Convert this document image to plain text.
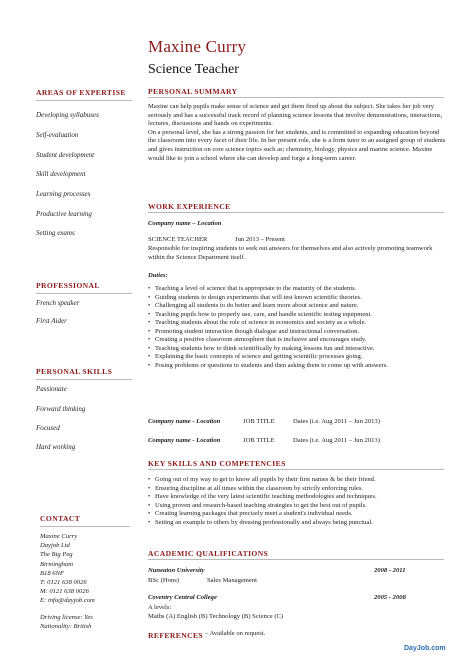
Maxine Curry
Science Teacher
AREAS OF EXPERTISE
Developing syllabuses
Self-evaluation
Student development
Skill development
Learning processes
Productive learning
Setting exams
PROFESSIONAL
French speaker
First Aider
PERSONAL SKILLS
Passionate
Forward thinking
Focused
Hard working
CONTACT
Maxine Curry
Dayjob Ltd
The Big Peg
Birmingham
B18 6NF
T: 0121 638 0026
M: 0121 638 0026
E: info@dayjob.com
Driving license: Yes
Nationality: British
PERSONAL SUMMARY

Maxine can help pupils make sense of science and get them fired up about the subject. She takes her job very seriously and has a successful track record of planning science lessons that involve demonstrations, interactions, lectures, discussions and hands on experiments.

On a personal level, she has a strong passion for her students, and is committed to expanding education beyond the classroom into every facet of their life. In her present role, she is a form tutor to an assigned group of students and gives instruction on core science topics such as; chemistry, biology, physics and marine science. Maxine would like to join a school where she can develop and forge a long-term career.

WORK EXPERIENCE
Company name – Location
SCIENCE TEACHER	Jun 2013 – Present
Responsible for inspiring students to seek out answers for themselves and also actively promoting teamwork within the Science Department itself.
Duties:
• Teaching a level of science that is appropriate to the maturity of the students.
• Guiding students to design experiments that will test known scientific theories.
• Challenging all students to do better and learn more about science and nature.
• Teaching pupils how to properly use, care, and handle scientific testing equipment.
• Teaching students about the role of science in economics and society as a whole.
• Promoting student interaction though dialogue and instructional conversation.
• Creating a positive classroom atmosphere that is inclusive and encourages study.
• Teaching students how to think scientifically by making lessons fun and interactive.
• Explaining the basic concepts of science and getting scientific processes going.
• Posing problems or questions to students and then asking them to come up with answers.
Company name - Location	JOB TITLE	Dates (i.e. Aug 2011 – Jun 2013)
Company name - Location	JOB TITLE	Dates (i.e. Aug 2011 – Jun 2013)
KEY SKILLS AND COMPETENCIES
• Going out of my way to get to know all pupils by their first names & be their friend.
• Ensuring discipline at all times within the classroom by strictly enforcing rules.
• Have knowledge of the very latest scientific teaching methodologies and techniques.
• Using proven and research-based teaching strategies to get the best out of pupils.
• Creating learning packages that precisely meet a student's individual needs.
• Setting an example to others by dressing professionally and always being punctual.
ACADEMIC QUALIFICATIONS
Nuneaton University	2008 - 2011
BSc (Hons)	Sales Management
Coventry Central College	2005 - 2008
A levels:
Maths (A) English (B) Technology (B) Science (C)
REFERENCES – Available on request.
DayJob.com
